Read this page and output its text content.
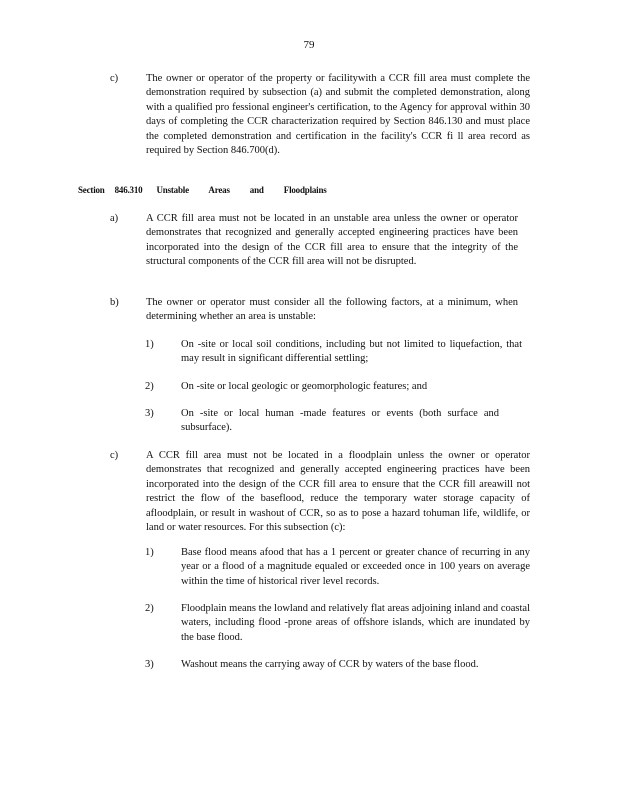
79
c)	The owner or operator of the property or facilitywith a CCR fill area must complete the demonstration required by subsection (a) and submit the completed demonstration, along with a qualified pro fessional engineer's certification, to the Agency for approval within 30 days of completing the CCR characterization required by Section 846.130 and must place the completed demonstration and certification in the facility's CCR fi ll area record as required by Section 846.700(d).
Section 846.310 Unstable Areas and Floodplains
a)	A CCR fill area must not be located in an unstable area unless the owner or operator demonstrates that recognized and generally accepted engineering practices have been incorporated into the design of the CCR fill area to ensure that the integrity of the structural components of the CCR fill area will not be disrupted.
b)	The owner or operator must consider all the following factors, at a minimum, when determining whether an area is unstable:
1)	On -site or local soil conditions, including but not limited to liquefaction, that may result in significant differential settling;
2)	On -site or local geologic or geomorphologic features; and
3)	On -site or local human -made features or events (both surface and subsurface).
c)	A CCR fill area must not be located in a floodplain unless the owner or operator demonstrates that recognized and generally accepted engineering practices have been incorporated into the design of the CCR fill area to ensure that the CCR fill areawill not restrict the flow of the baseflood, reduce the temporary water storage capacity of afloodplain, or result in washout of CCR, so as to pose a hazard tohuman life, wildlife, or land or water resources. For this subsection (c):
1)	Base flood means afood that has a 1 percent or greater chance of recurring in any year or a flood of a magnitude equaled or exceeded once in 100 years on average within the time of historical river level records.
2)	Floodplain means the lowland and relatively flat areas adjoining inland and coastal waters, including flood -prone areas of offshore islands, which are inundated by the base flood.
3)	Washout means the carrying away of CCR by waters of the base flood.
